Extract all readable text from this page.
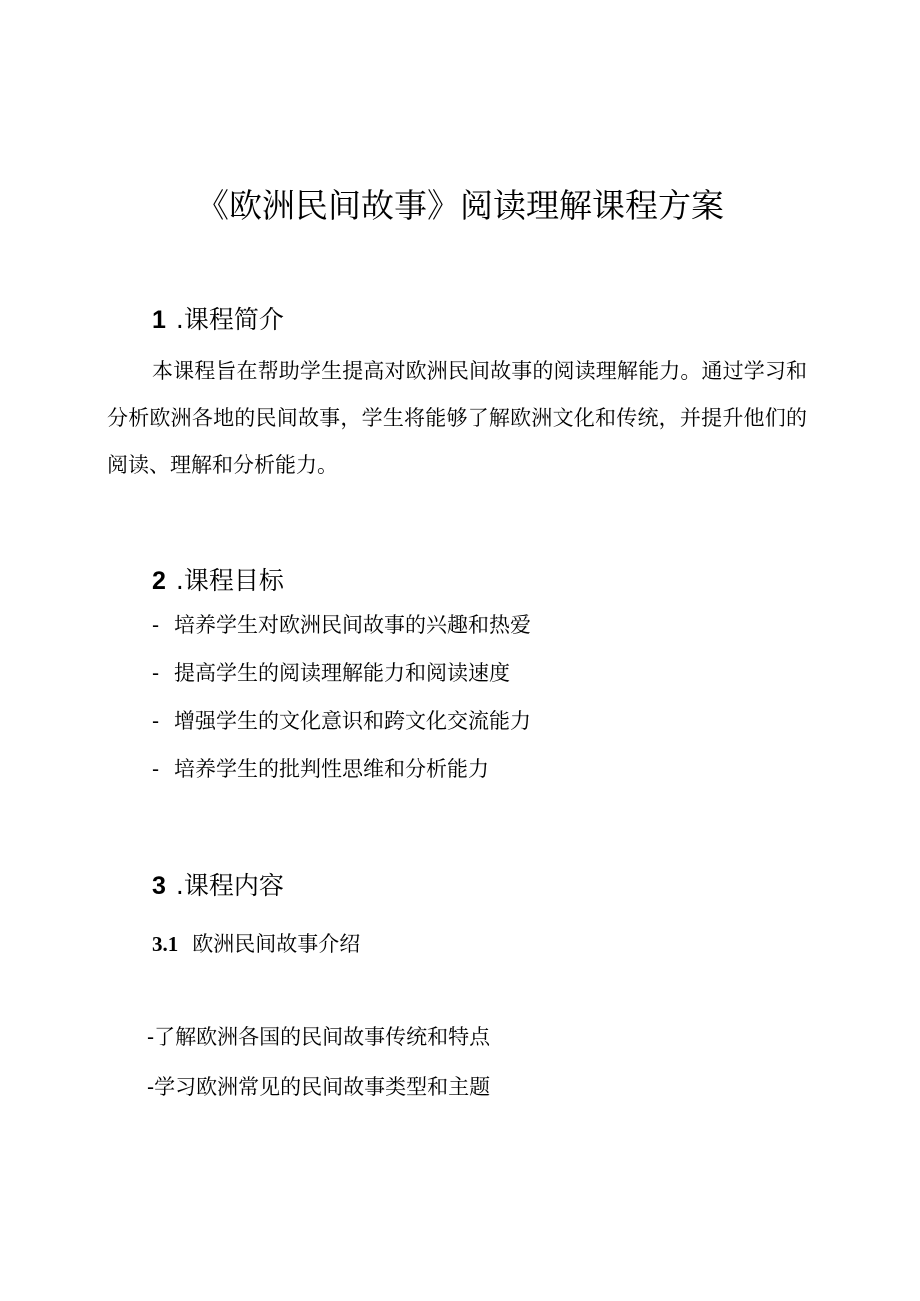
《欧洲民间故事》阅读理解课程方案
1 .课程简介

本课程旨在帮助学生提高对欧洲民间故事的阅读理解能力。通过学习和分析欧洲各地的民间故事，学生将能够了解欧洲文化和传统，并提升他们的阅读、理解和分析能力。

2 .课程目标
- 培养学生对欧洲民间故事的兴趣和热爱
- 提高学生的阅读理解能力和阅读速度
- 增强学生的文化意识和跨文化交流能力
- 培养学生的批判性思维和分析能力
3 .课程内容
3.1 欧洲民间故事介绍
-了解欧洲各国的民间故事传统和特点
-学习欧洲常见的民间故事类型和主题
